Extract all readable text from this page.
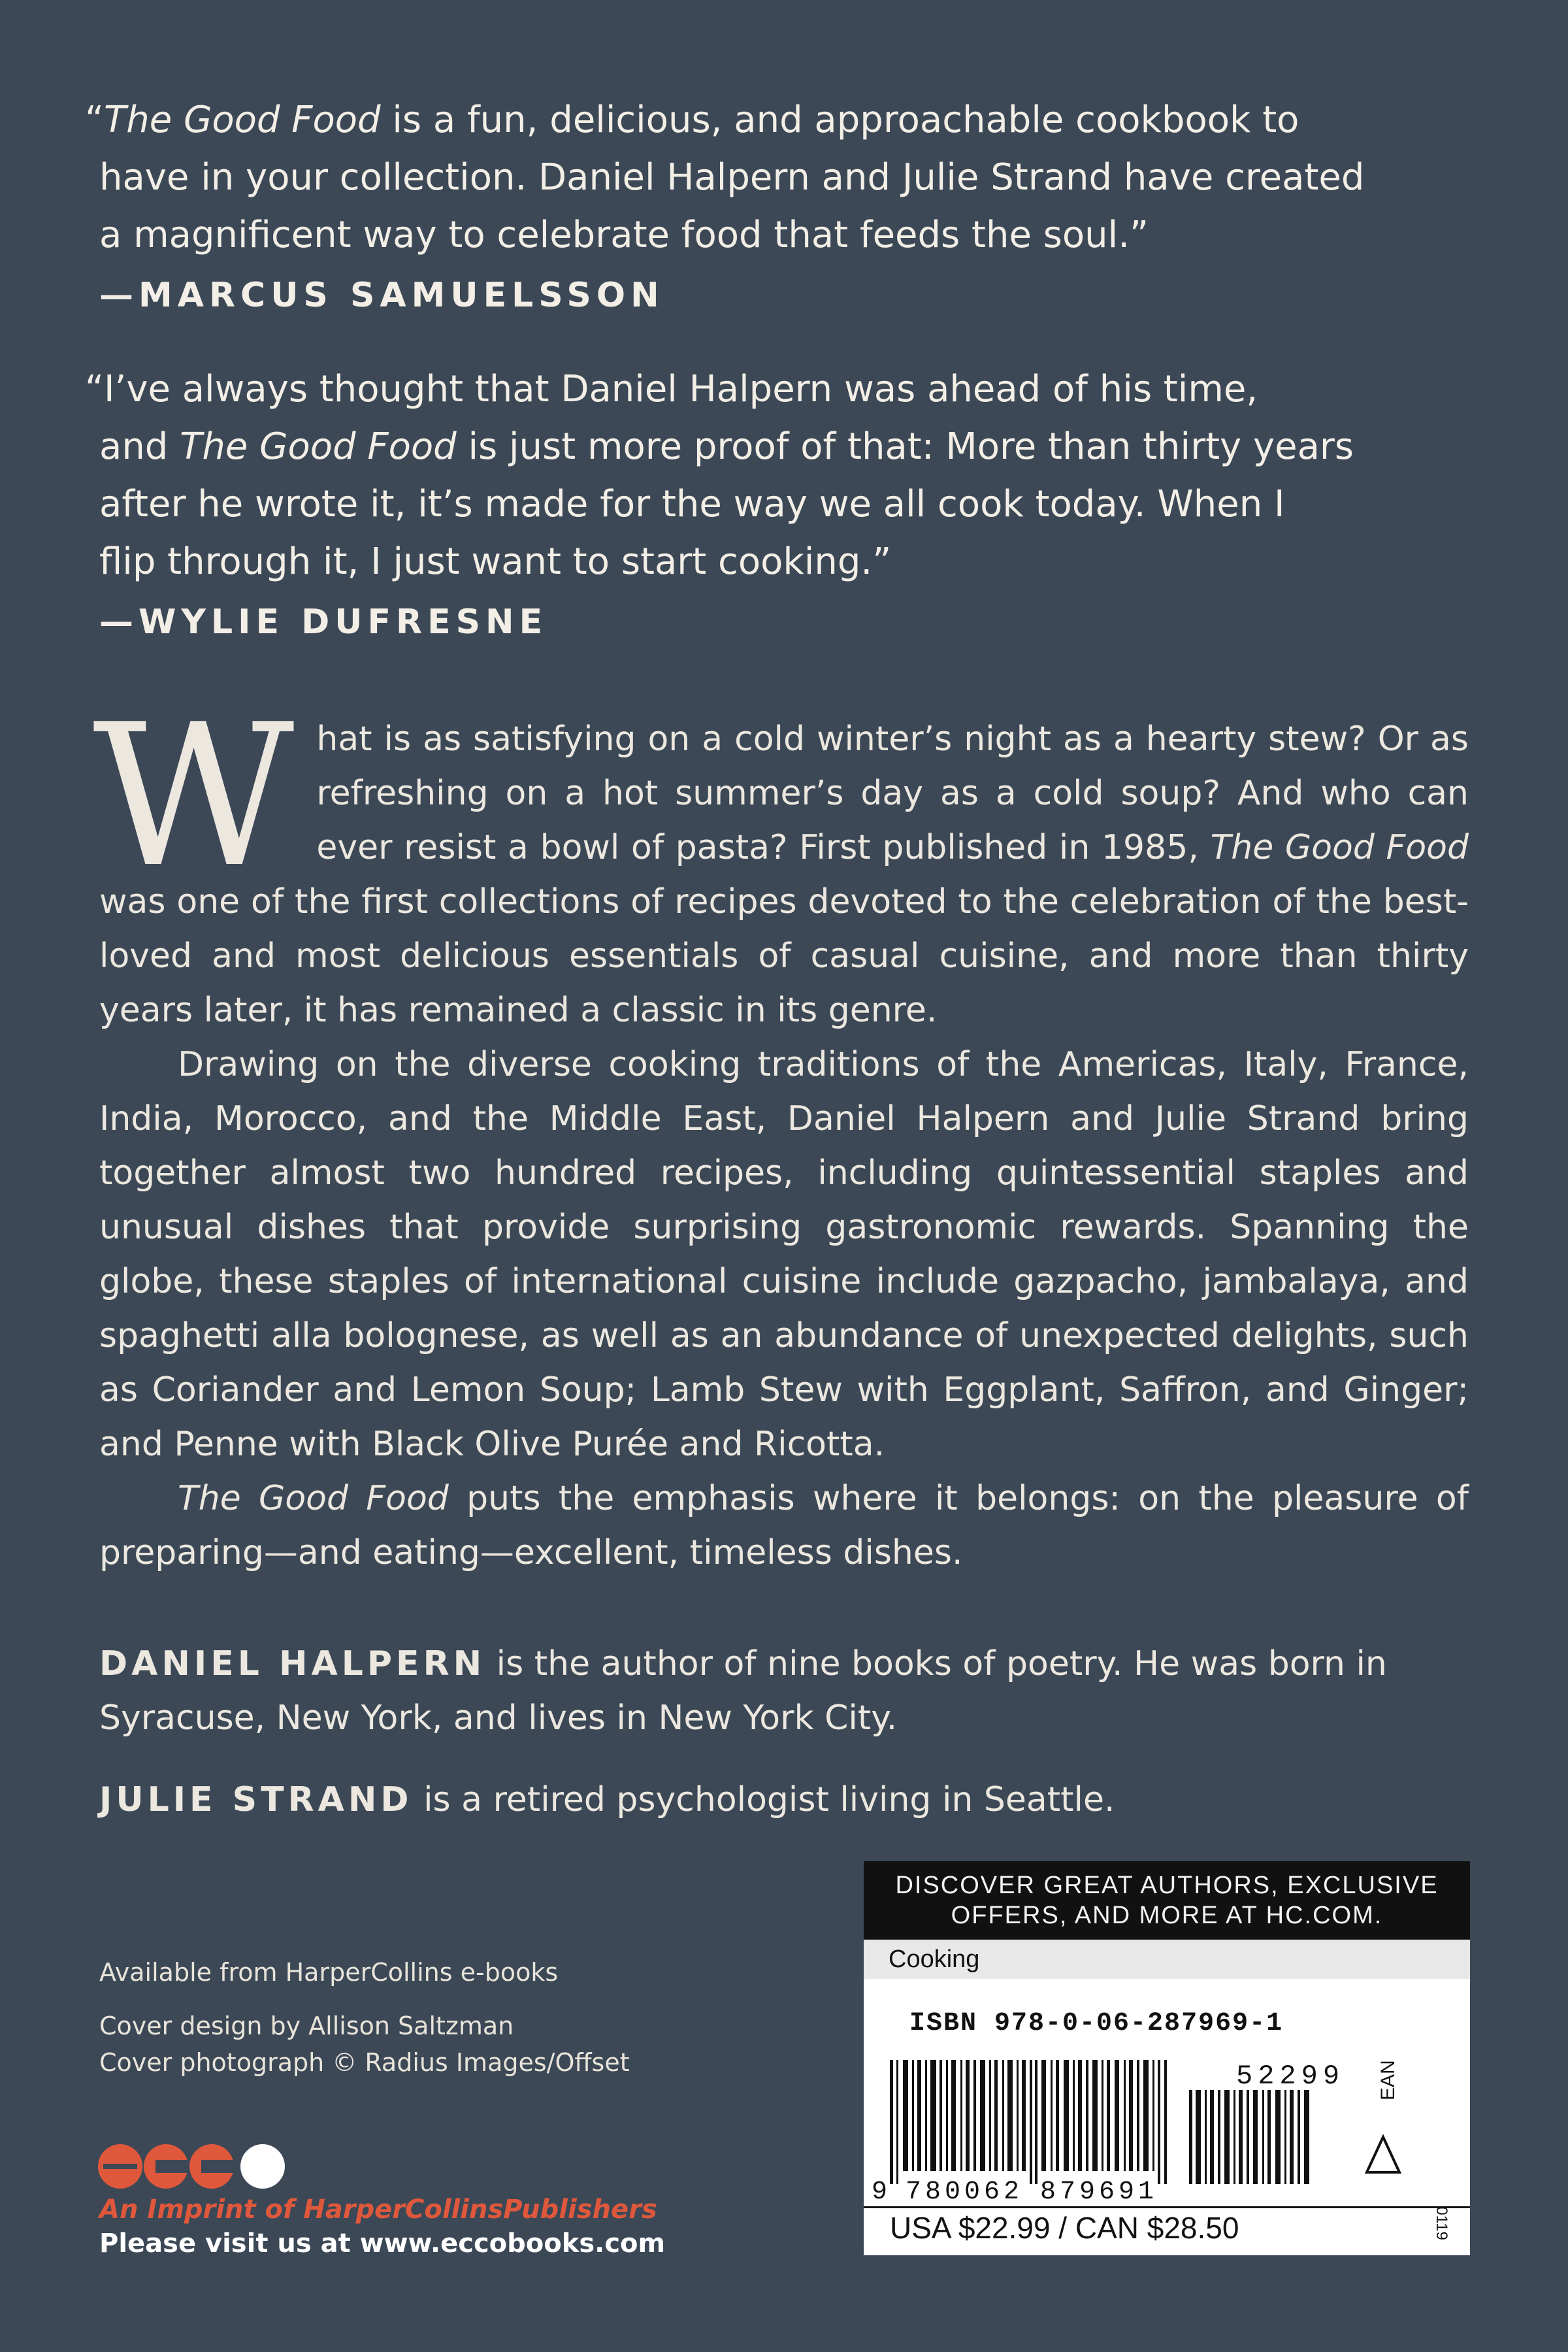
“The Good Food is a fun, delicious, and approachable cookbook to
have in your collection. Daniel Halpern and Julie Strand have created
a magnificent way to celebrate food that feeds the soul.”
—MARCUS SAMUELSSON
“I’ve always thought that Daniel Halpern was ahead of his time,
and The Good Food is just more proof of that: More than thirty years
after he wrote it, it’s made for the way we all cook today. When I
flip through it, I just want to start cooking.”
—WYLIE DUFRESNE

What is as satisfying on a cold winter’s night as a hearty stew? Or as refreshing on a hot summer’s day as a cold soup? And who can ever resist a bowl of pasta? First published in 1985, The Good Food was one of the first collections of recipes devoted to the celebration of the best-loved and most delicious essentials of casual cuisine, and more than thirty years later, it has remained a classic in its genre.

Drawing on the diverse cooking traditions of the Americas, Italy, France, India, Morocco, and the Middle East, Daniel Halpern and Julie Strand bring together almost two hundred recipes, including quintessential staples and unusual dishes that provide surprising gastronomic rewards. Spanning the globe, these staples of international cuisine include gazpacho, jambalaya, and spaghetti alla bolognese, as well as an abundance of unexpected delights, such as Coriander and Lemon Soup; Lamb Stew with Eggplant, Saffron, and Ginger; and Penne with Black Olive Purée and Ricotta.

The Good Food puts the emphasis where it belongs: on the pleasure of preparing—and eating—excellent, timeless dishes.

DANIEL HALPERN is the author of nine books of poetry. He was born in Syracuse, New York, and lives in New York City.
JULIE STRAND is a retired psychologist living in Seattle.
Available from HarperCollins e-books
Cover design by Allison Saltzman
Cover photograph © Radius Images/Offset
An Imprint of HarperCollinsPublishers
Please visit us at www.eccobooks.com
DISCOVER GREAT AUTHORS, EXCLUSIVE
OFFERS, AND MORE AT HC.COM.
Cooking
ISBN 978-0-06-287969-1
EAN
52299
9 780062 879691
USA $22.99 / CAN $28.50	0119
